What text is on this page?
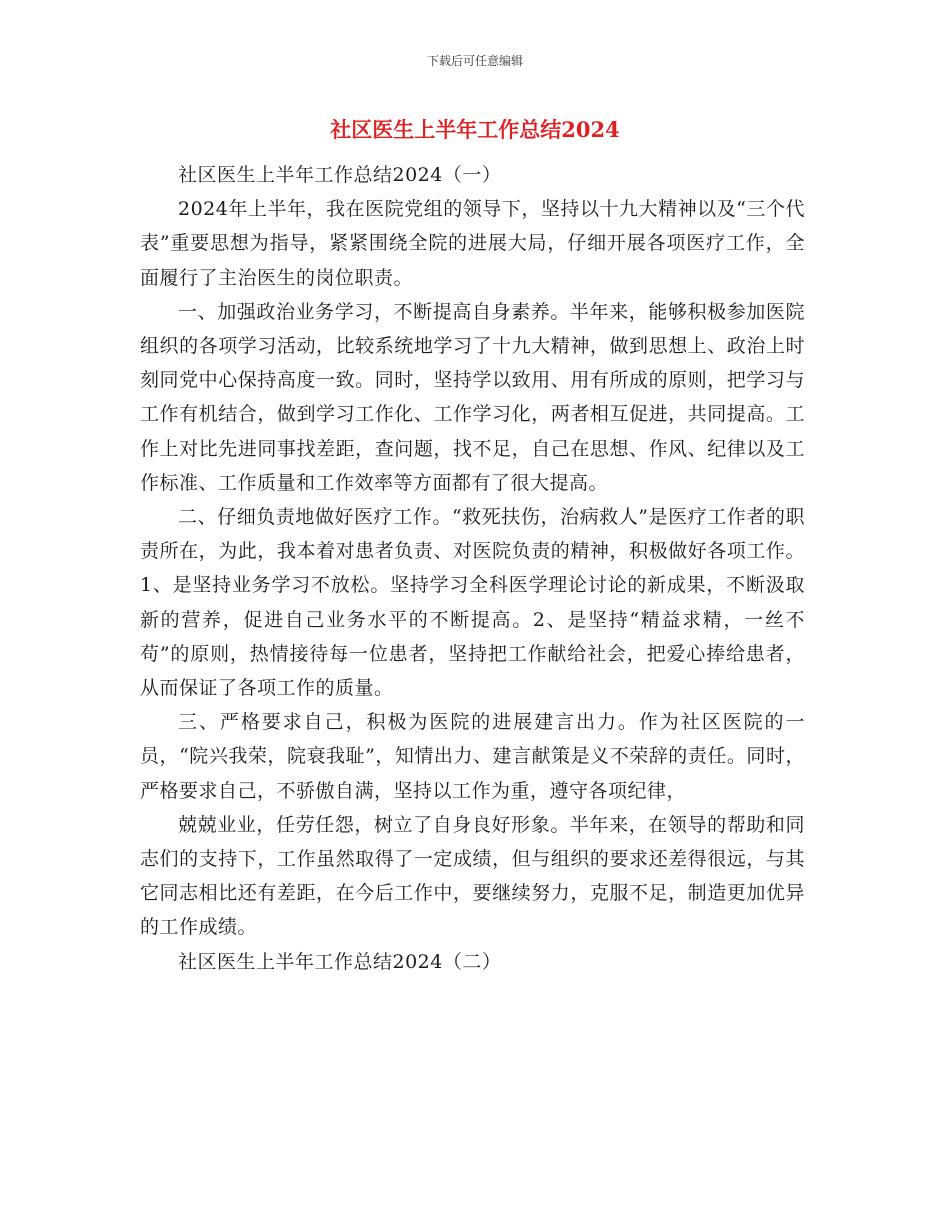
下载后可任意编辑
社区医生上半年工作总结2024

社区医生上半年工作总结2024（一）

2024年上半年，我在医院党组的领导下，坚持以十九大精神以及“三个代表”重要思想为指导，紧紧围绕全院的进展大局，仔细开展各项医疗工作，全面履行了主治医生的岗位职责。

一、加强政治业务学习，不断提高自身素养。半年来，能够积极参加医院组织的各项学习活动，比较系统地学习了十九大精神，做到思想上、政治上时刻同党中心保持高度一致。同时，坚持学以致用、用有所成的原则，把学习与工作有机结合，做到学习工作化、工作学习化，两者相互促进，共同提高。工作上对比先进同事找差距，查问题，找不足，自己在思想、作风、纪律以及工作标准、工作质量和工作效率等方面都有了很大提高。

二、仔细负责地做好医疗工作。“救死扶伤，治病救人”是医疗工作者的职责所在，为此，我本着对患者负责、对医院负责的精神，积极做好各项工作。1、是坚持业务学习不放松。坚持学习全科医学理论讨论的新成果，不断汲取新的营养，促进自己业务水平的不断提高。2、是坚持“精益求精，一丝不苟”的原则，热情接待每一位患者，坚持把工作献给社会，把爱心捧给患者，从而保证了各项工作的质量。

三、严格要求自己，积极为医院的进展建言出力。作为社区医院的一员，“院兴我荣，院衰我耻”，知情出力、建言献策是义不荣辞的责任。同时，严格要求自己，不骄傲自满，坚持以工作为重，遵守各项纪律，

兢兢业业，任劳任怨，树立了自身良好形象。半年来，在领导的帮助和同志们的支持下，工作虽然取得了一定成绩，但与组织的要求还差得很远，与其它同志相比还有差距，在今后工作中，要继续努力，克服不足，制造更加优异的工作成绩。

社区医生上半年工作总结2024（二）
